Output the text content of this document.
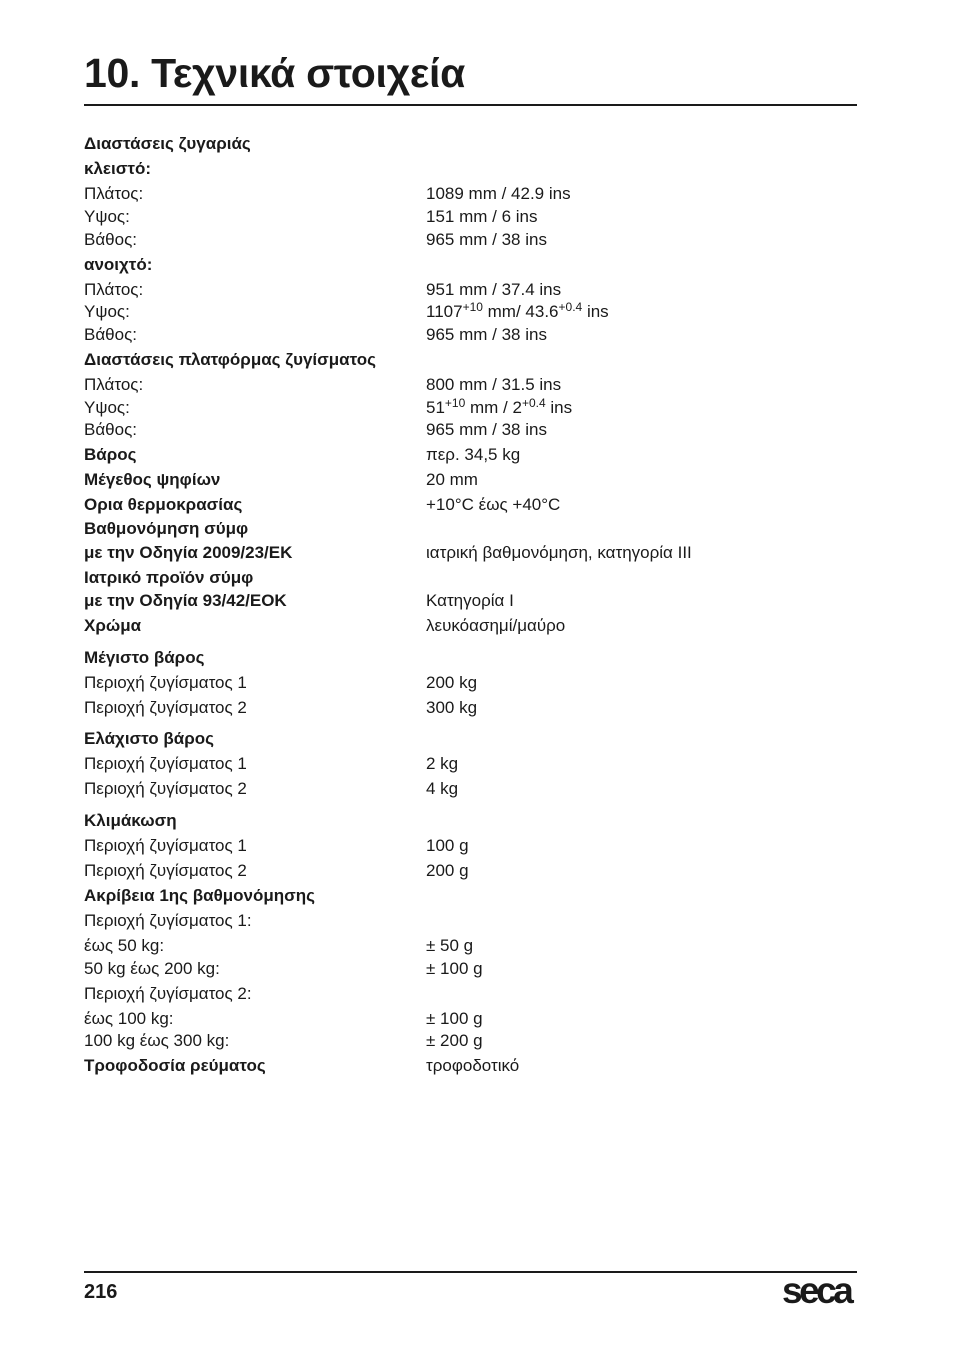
10. Τεχνικά στοιχεία
Διαστάσεις ζυγαριάς
κλειστό:
Πλάτος:	1089 mm / 42.9 ins
Υψος:	151 mm / 6 ins
Βάθος:	965 mm / 38 ins
ανοιχτό:
Πλάτος:	951 mm / 37.4 ins
Υψος:	$1107^{+10}$ mm/ $43.6^{+0.4}$ ins
Βάθος:	965 mm / 38 ins
Διαστάσεις πλατφόρμας ζυγίσματος
Πλάτος:	800 mm / 31.5 ins
Υψος:	$51^{+10}$ mm / $2^{+0.4}$ ins
Βάθος:	965 mm / 38 ins
Βάρος	περ. 34,5 kg
Μέγεθος ψηφίων	20 mm
Ορια θερμοκρασίας	+10°C έως +40°C
Βαθμονόμηση σύμφ
με την Οδηγία 2009/23/ΕΚ	ιατρική βαθμονόμηση, κατηγορία III
Ιατρικό προϊόν σύμφ
με την Οδηγία 93/42/ΕΟΚ	Κατηγορία I
Χρώμα	λευκόασημί/μαύρο
Μέγιστο βάρος
Περιοχή ζυγίσματος 1	200 kg
Περιοχή ζυγίσματος 2	300 kg
Ελάχιστο βάρος
Περιοχή ζυγίσματος 1	2 kg
Περιοχή ζυγίσματος 2	4 kg
Κλιμάκωση
Περιοχή ζυγίσματος 1	100 g
Περιοχή ζυγίσματος 2	200 g
Ακρίβεια 1ης βαθμονόμησης
Περιοχή ζυγίσματος 1:
έως 50 kg:	± 50 g
50 kg έως 200 kg:	± 100 g
Περιοχή ζυγίσματος 2:
έως 100 kg:	± 100 g
100 kg έως 300 kg:	± 200 g
Τροφοδοσία ρεύματος	τροφοδοτικό
216	seca
